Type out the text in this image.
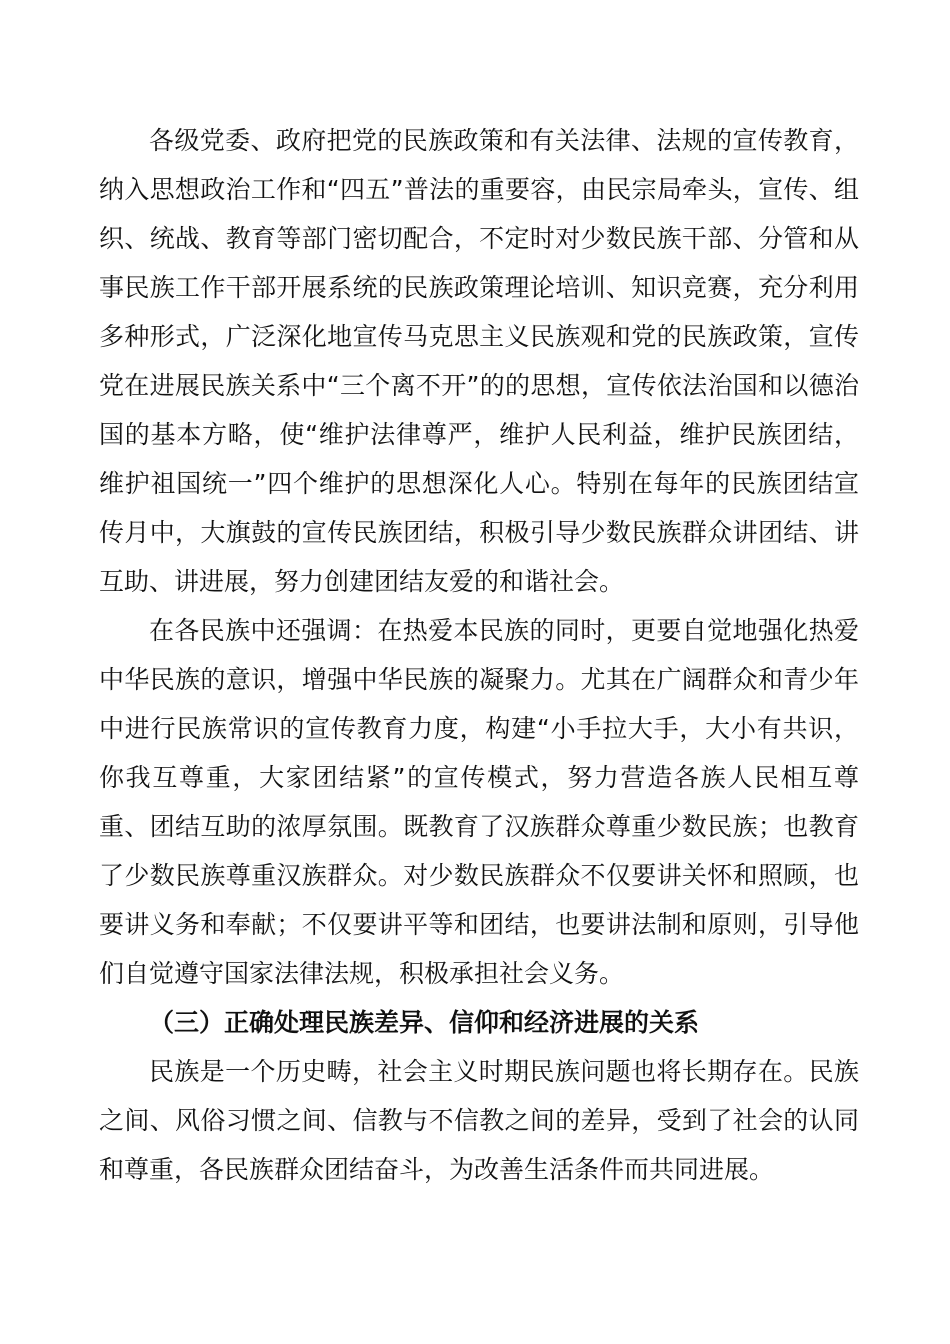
各级党委、政府把党的民族政策和有关法律、法规的宣传教育，纳入思想政治工作和“四五”普法的重要容，由民宗局牵头，宣传、组织、统战、教育等部门密切配合，不定时对少数民族干部、分管和从事民族工作干部开展系统的民族政策理论培训、知识竞赛，充分利用多种形式，广泛深化地宣传马克思主义民族观和党的民族政策，宣传党在进展民族关系中“三个离不开”的的思想，宣传依法治国和以德治国的基本方略，使“维护法律尊严，维护人民利益，维护民族团结，维护祖国统一”四个维护的思想深化人心。特别在每年的民族团结宣传月中，大旗鼓的宣传民族团结，积极引导少数民族群众讲团结、讲互助、讲进展，努力创建团结友爱的和谐社会。

在各民族中还强调：在热爱本民族的同时，更要自觉地强化热爱中华民族的意识，增强中华民族的凝聚力。尤其在广阔群众和青少年中进行民族常识的宣传教育力度，构建“小手拉大手，大小有共识，你我互尊重，大家团结紧”的宣传模式，努力营造各族人民相互尊重、团结互助的浓厚氛围。既教育了汉族群众尊重少数民族；也教育了少数民族尊重汉族群众。对少数民族群众不仅要讲关怀和照顾，也要讲义务和奉献；不仅要讲平等和团结，也要讲法制和原则，引导他们自觉遵守国家法律法规，积极承担社会义务。

（三）正确处理民族差异、信仰和经济进展的关系

民族是一个历史畴，社会主义时期民族问题也将长期存在。民族之间、风俗习惯之间、信教与不信教之间的差异，受到了社会的认同和尊重，各民族群众团结奋斗，为改善生活条件而共同进展。
